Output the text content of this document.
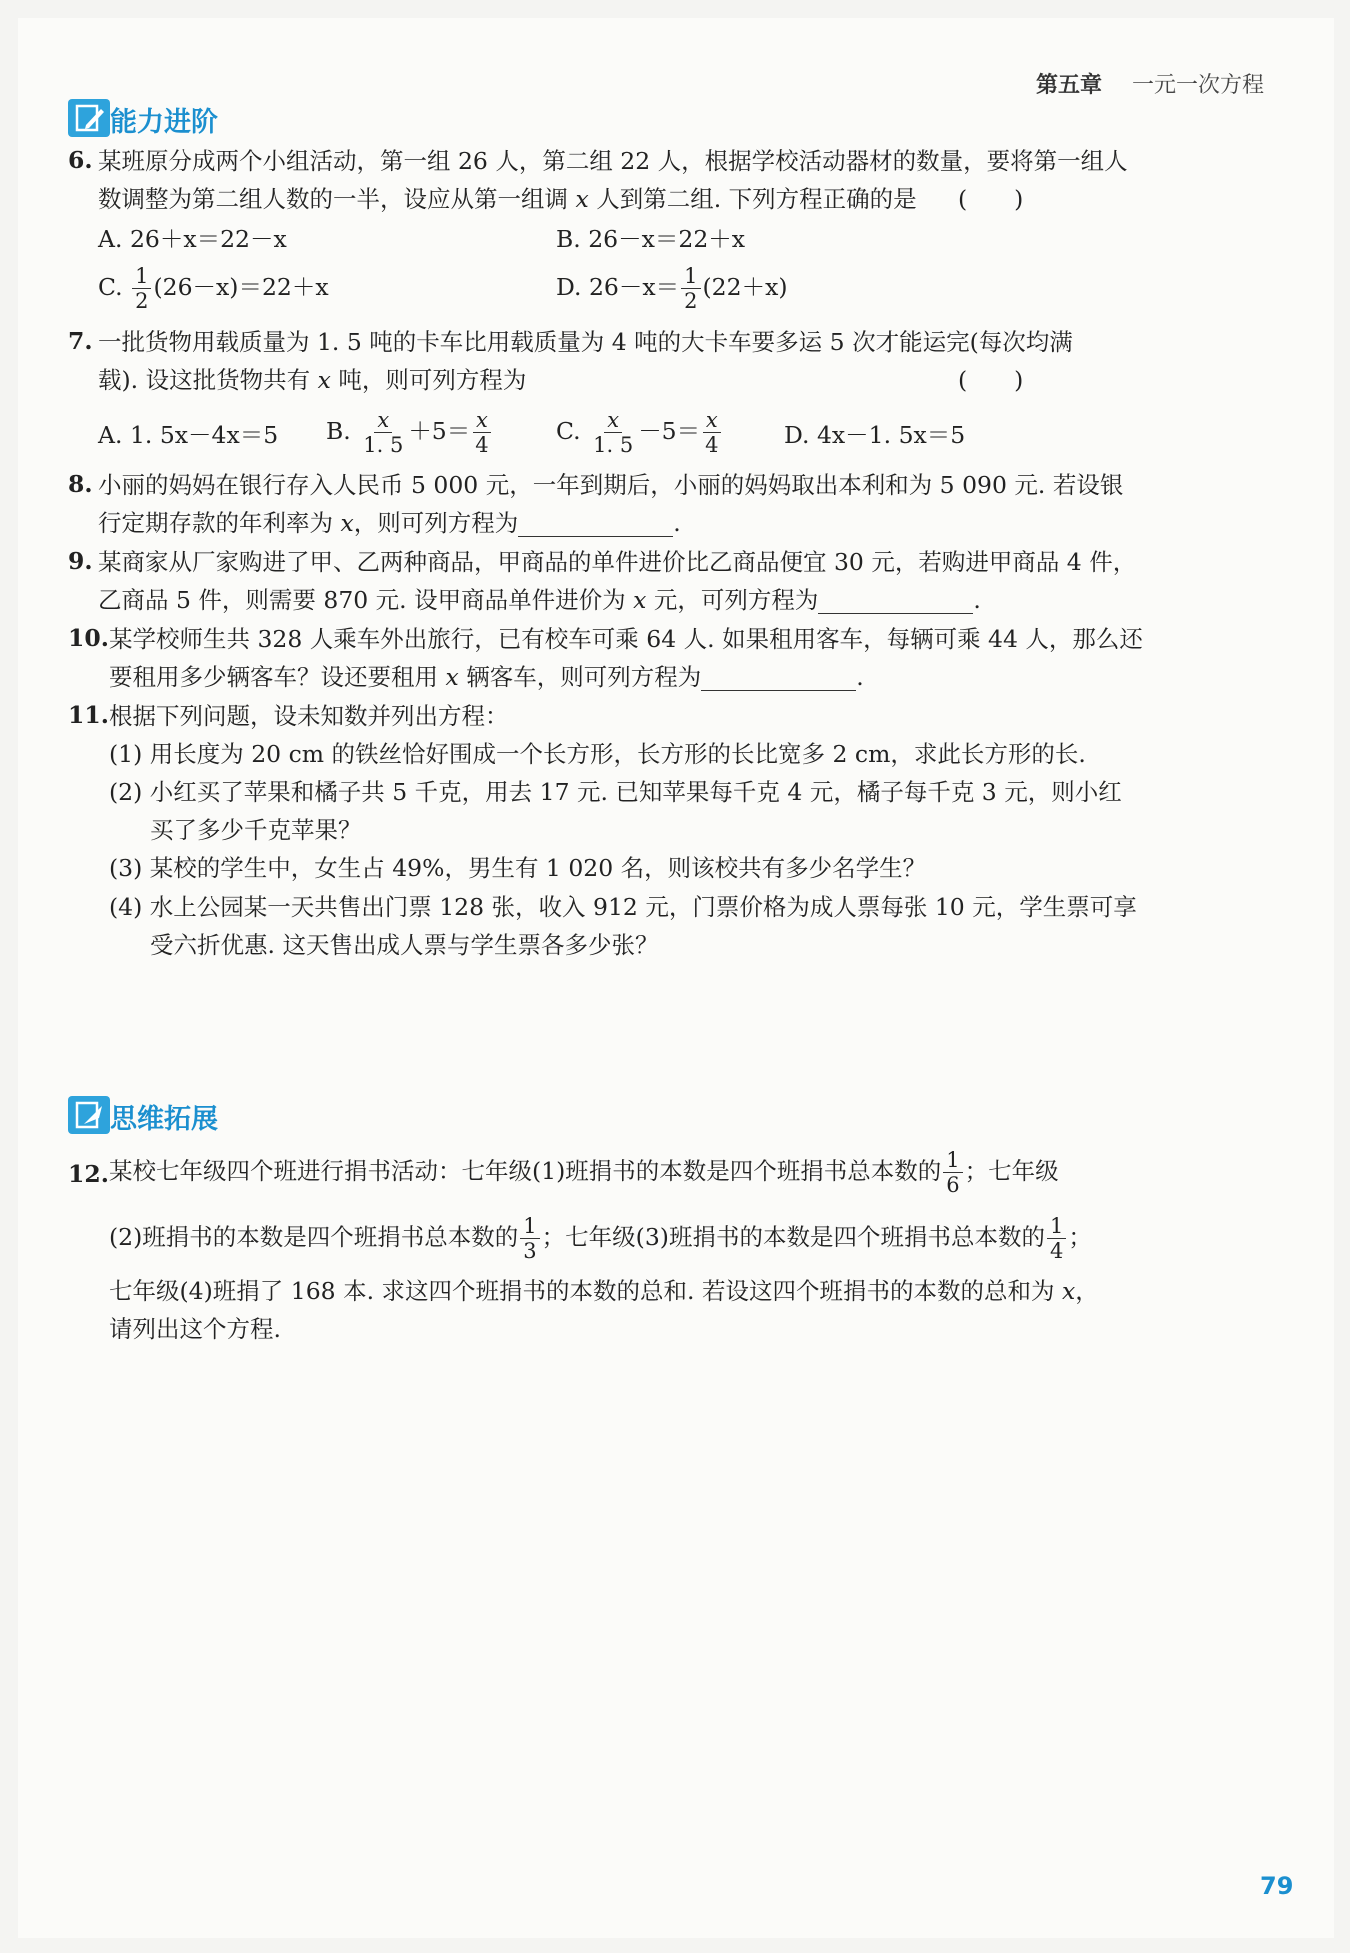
第五章 一元一次方程
能力进阶
6. 某班原分成两个小组活动，第一组 26 人，第二组 22 人，根据学校活动器材的数量，要将第一组人
数调整为第二组人数的一半，设应从第一组调 x 人到第二组. 下列方程正确的是 (　　)
A. 26＋x＝22－x	B. 26－x＝22＋x
C. $\frac{1}{2} (26-x)=22+x$	D. $26-x= \frac{1}{2} (22+x)$
7. 一批货物用载质量为 1. 5 吨的卡车比用载质量为 4 吨的大卡车要多运 5 次才能运完(每次均满
载). 设这批货物共有 x 吨，则可列方程为	(　　)
A. 1. 5x－4x＝5 B. $\frac{x}{1. 5} +5= \frac{x}{4}$	C. $\frac{x}{1. 5} -5= \frac{x}{4}$	D. 4x－1. 5x＝5
8. 小丽的妈妈在银行存入人民币 5 000 元，一年到期后，小丽的妈妈取出本利和为 5 090 元. 若设银
行定期存款的年利率为 x，则可列方程为	.
9. 某商家从厂家购进了甲、乙两种商品，甲商品的单件进价比乙商品便宜 30 元，若购进甲商品 4 件，
乙商品 5 件，则需要 870 元. 设甲商品单件进价为 x 元，可列方程为	.
10. 某学校师生共 328 人乘车外出旅行，已有校车可乘 64 人. 如果租用客车，每辆可乘 44 人，那么还
要租用多少辆客车？设还要租用 x 辆客车，则可列方程为	.
11. 根据下列问题，设未知数并列出方程：
(1) 用长度为 20 cm 的铁丝恰好围成一个长方形，长方形的长比宽多 2 cm，求此长方形的长.
(2) 小红买了苹果和橘子共 5 千克，用去 17 元. 已知苹果每千克 4 元，橘子每千克 3 元，则小红
买了多少千克苹果？
(3) 某校的学生中，女生占 49%，男生有 1 020 名，则该校共有多少名学生？
(4) 水上公园某一天共售出门票 128 张，收入 912 元，门票价格为成人票每张 10 元，学生票可享
受六折优惠. 这天售出成人票与学生票各多少张？
思维拓展
12. 某校七年级四个班进行捐书活动：七年级(1)班捐书的本数是四个班捐书总本数的 $\frac{1}{6}$ ；七年级
(2)班捐书的本数是四个班捐书总本数的 $\frac{1}{3}$ ；七年级(3)班捐书的本数是四个班捐书总本数的 $\frac{1}{4}$ ；
七年级(4)班捐了 168 本. 求这四个班捐书的本数的总和. 若设这四个班捐书的本数的总和为 x，
请列出这个方程.
79
